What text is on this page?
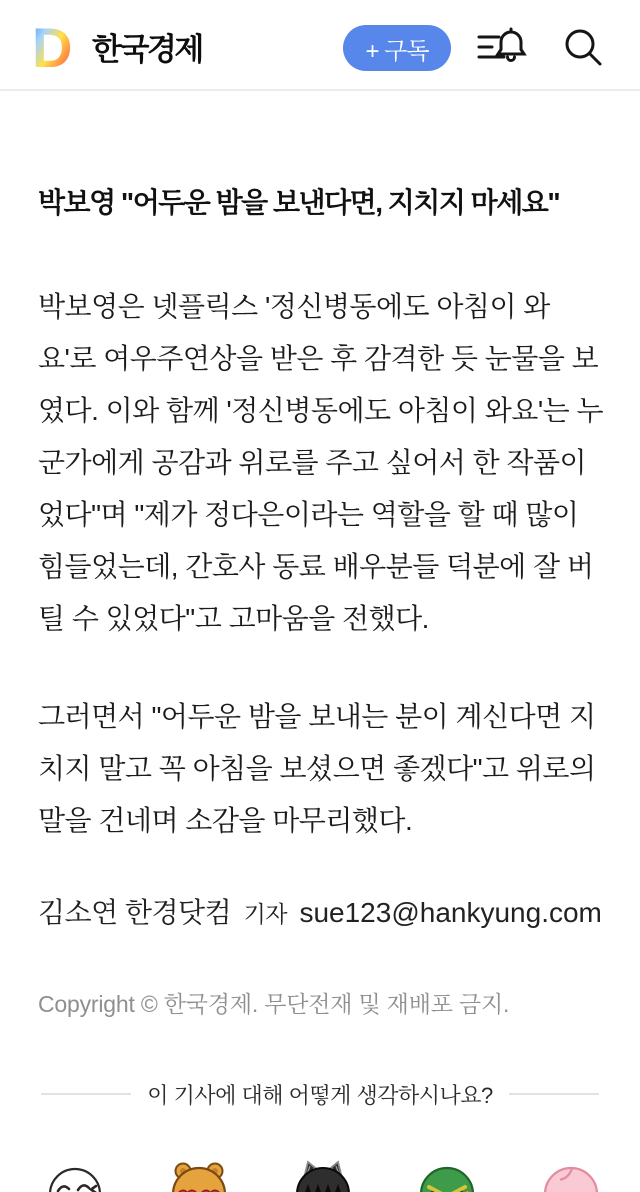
D 한국경제	+ 구독
박보영 "어두운 밤을 보낸다면, 지치지 마세요"

박보영은 넷플릭스 '정신병동에도 아침이 와요'로 여우주연상을 받은 후 감격한 듯 눈물을 보였다. 이와 함께 '정신병동에도 아침이 와요'는 누군가에게 공감과 위로를 주고 싶어서 한 작품이었다"며 "제가 정다은이라는 역할을 할 때 많이 힘들었는데, 간호사 동료 배우분들 덕분에 잘 버틸 수 있었다"고 고마움을 전했다.

그러면서 "어두운 밤을 보내는 분이 계신다면 지치지 말고 꼭 아침을 보셨으면 좋겠다"고 위로의 말을 건네며 소감을 마무리했다.

김소연 한경닷컴 기자 sue123@hankyung.com

Copyright © 한국경제. 무단전재 및 재배포 금지.

이 기사에 대해 어떻게 생각하시나요?
